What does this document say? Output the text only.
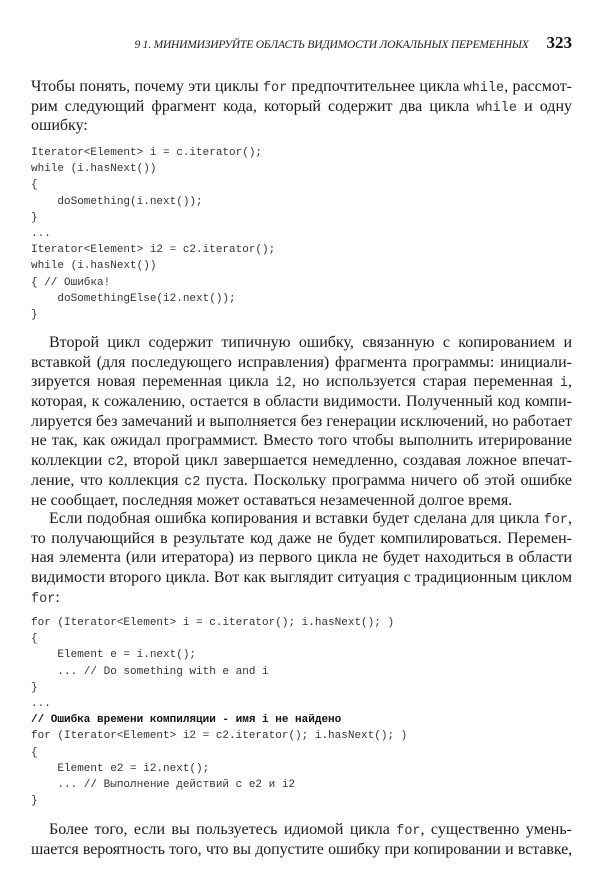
9 1. МИНИМИЗИРУЙТЕ ОБЛАСТЬ ВИДИМОСТИ ЛОКАЛЬНЫХ ПЕРЕМЕННЫХ 323
Чтобы понять, почему эти циклы for предпочтительнее цикла while, рассмот-
рим следующий фрагмент кода, который содержит два цикла while и одну
ошибку:
Iterator<Element> i = c.iterator();
while (i.hasNext())
{
doSomething(i.next());
}
...
Iterator<Element> i2 = c2.iterator();
while (i.hasNext())
{ // Ошибка!
doSomethingElse(i2.next());
}
Второй цикл содержит типичную ошибку, связанную с копированием и
вставкой (для последующего исправления) фрагмента программы: инициали-
зируется новая переменная цикла i2, но используется старая переменная i,
которая, к сожалению, остается в области видимости. Полученный код компи-
лируется без замечаний и выполняется без генерации исключений, но работает
не так, как ожидал программист. Вместо того чтобы выполнить итерирование
коллекции c2, второй цикл завершается немедленно, создавая ложное впечат-
ление, что коллекция c2 пуста. Поскольку программа ничего об этой ошибке
не сообщает, последняя может оставаться незамеченной долгое время.
Если подобная ошибка копирования и вставки будет сделана для цикла for,
то получающийся в результате код даже не будет компилироваться. Перемен-
ная элемента (или итератора) из первого цикла не будет находиться в области
видимости второго цикла. Вот как выглядит ситуация с традиционным циклом
for:
for (Iterator<Element> i = c.iterator(); i.hasNext(); )
{
Element e = i.next();
... // Do something with e and i
}
...
// Ошибка времени компиляции - имя i не найдено
for (Iterator<Element> i2 = c2.iterator(); i.hasNext(); )
{
Element e2 = i2.next();
... // Выполнение действий с e2 и i2
}
Более того, если вы пользуетесь идиомой цикла for, существенно умень-
шается вероятность того, что вы допустите ошибку при копировании и вставке,
